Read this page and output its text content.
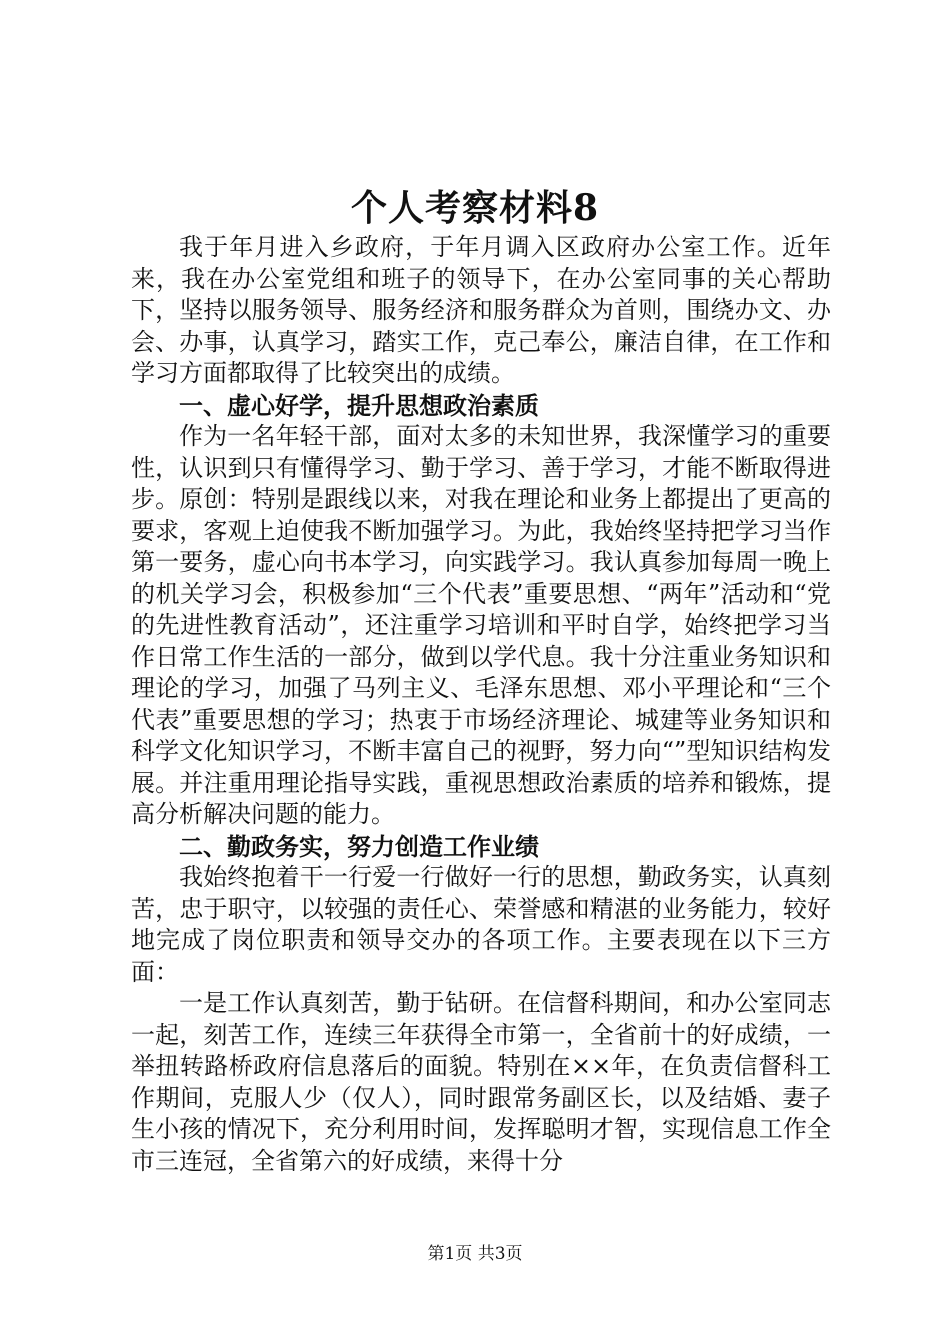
个人考察材料8

我于年月进入乡政府，于年月调入区政府办公室工作。近年来，我在办公室党组和班子的领导下，在办公室同事的关心帮助下，坚持以服务领导、服务经济和服务群众为首则，围绕办文、办会、办事，认真学习，踏实工作，克己奉公，廉洁自律，在工作和学习方面都取得了比较突出的成绩。

一、虚心好学，提升思想政治素质

作为一名年轻干部，面对太多的未知世界，我深懂学习的重要性，认识到只有懂得学习、勤于学习、善于学习，才能不断取得进步。原创：特别是跟线以来，对我在理论和业务上都提出了更高的要求，客观上迫使我不断加强学习。为此，我始终坚持把学习当作第一要务，虚心向书本学习，向实践学习。我认真参加每周一晚上的机关学习会，积极参加“三个代表”重要思想、“两年”活动和“党的先进性教育活动”，还注重学习培训和平时自学，始终把学习当作日常工作生活的一部分，做到以学代息。我十分注重业务知识和理论的学习，加强了马列主义、毛泽东思想、邓小平理论和“三个代表”重要思想的学习；热衷于市场经济理论、城建等业务知识和科学文化知识学习，不断丰富自己的视野，努力向“”型知识结构发展。并注重用理论指导实践，重视思想政治素质的培养和锻炼，提高分析解决问题的能力。

二、勤政务实，努力创造工作业绩

我始终抱着干一行爱一行做好一行的思想，勤政务实，认真刻苦，忠于职守，以较强的责任心、荣誉感和精湛的业务能力，较好地完成了岗位职责和领导交办的各项工作。主要表现在以下三方面：

一是工作认真刻苦，勤于钻研。在信督科期间，和办公室同志一起，刻苦工作，连续三年获得全市第一，全省前十的好成绩，一举扭转路桥政府信息落后的面貌。特别在××年，在负责信督科工作期间，克服人少（仅人），同时跟常务副区长，以及结婚、妻子生小孩的情况下，充分利用时间，发挥聪明才智，实现信息工作全市三连冠，全省第六的好成绩，来得十分

第1页 共3页
